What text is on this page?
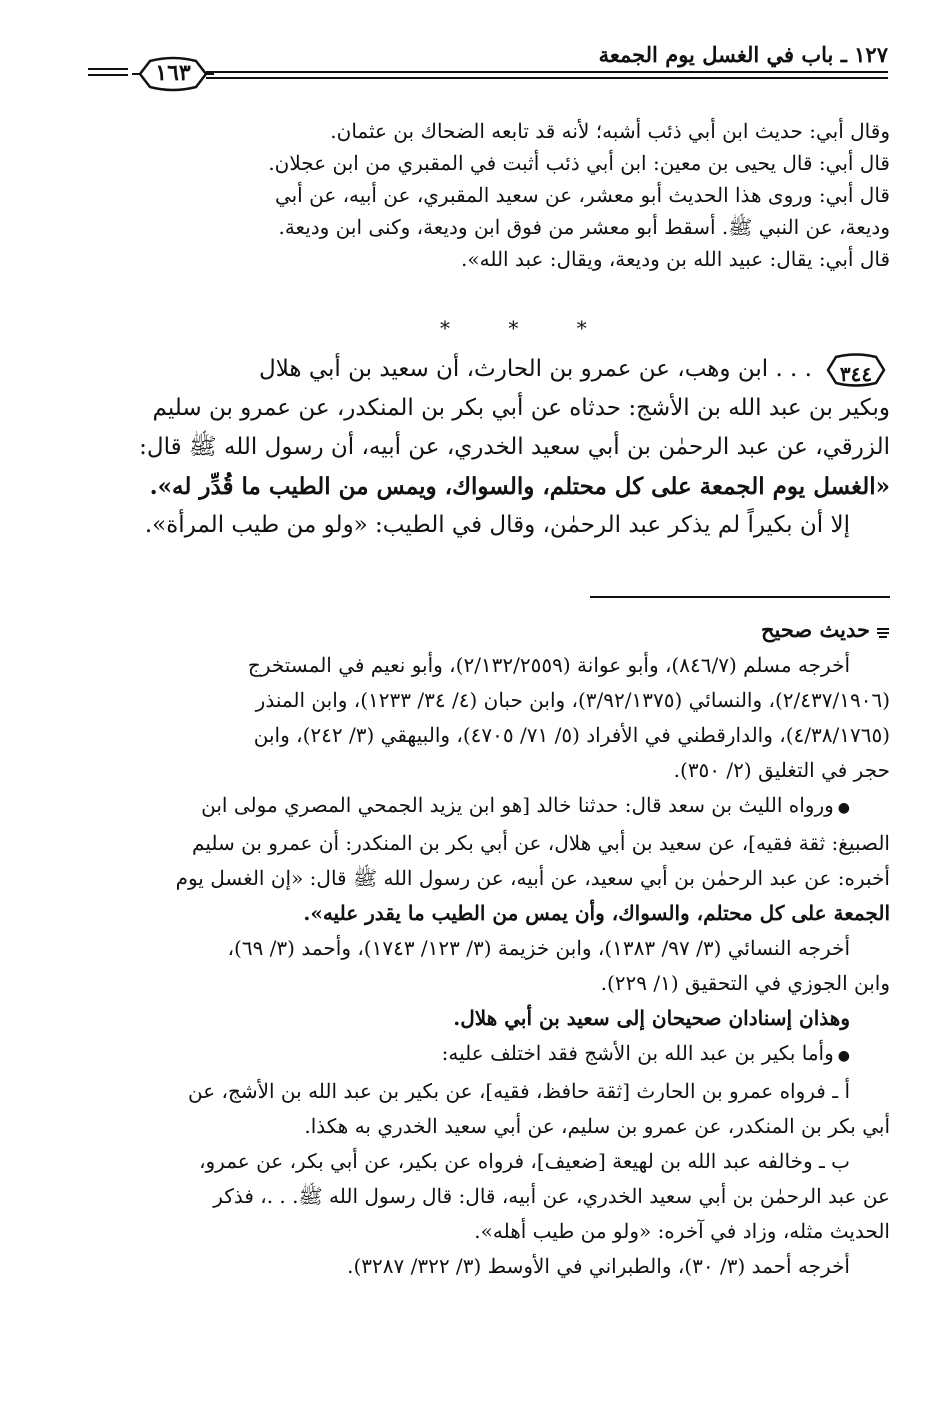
١٢٧ ـ باب في الغسل يوم الجمعة
١٦٣
وقال أبي: حديث ابن أبي ذئب أشبه؛ لأنه قد تابعه الضحاك بن عثمان.
قال أبي: قال يحيى بن معين: ابن أبي ذئب أثبت في المقبري من ابن عجلان.
قال أبي: وروى هذا الحديث أبو معشر، عن سعيد المقبري، عن أبيه، عن أبي
وديعة، عن النبي ﷺ. أسقط أبو معشر من فوق ابن وديعة، وكنى ابن وديعة.
قال أبي: يقال: عبيد الله بن وديعة، ويقال: عبد الله».
* * *
٣٤٤
. . . ابن وهب، عن عمرو بن الحارث، أن سعيد بن أبي هلال
وبكير بن عبد الله بن الأشج: حدثاه عن أبي بكر بن المنكدر، عن عمرو بن سليم
الزرقي، عن عبد الرحمٰن بن أبي سعيد الخدري، عن أبيه، أن رسول الله ﷺ قال:
«الغسل يوم الجمعة على كل محتلم، والسواك، ويمس من الطيب ما قُدِّر له».
إلا أن بكيراً لم يذكر عبد الرحمٰن، وقال في الطيب: «ولو من طيب المرأة».
حديث صحيح
أخرجه مسلم (٨٤٦/٧)، وأبو عوانة (٢/١٣٢/٢٥٥٩)، وأبو نعيم في المستخرج
(٢/٤٣٧/١٩٠٦)، والنسائي (٣/٩٢/١٣٧٥)، وابن حبان (٤/ ٣٤/ ١٢٣٣)، وابن المنذر
(٤/٣٨/١٧٦٥)، والدارقطني في الأفراد (٥/ ٧١/ ٤٧٠٥)، والبيهقي (٣/ ٢٤٢)، وابن
حجر في التغليق (٢/ ٣٥٠).
●ورواه الليث بن سعد قال: حدثنا خالد [هو ابن يزيد الجمحي المصري مولى ابن
الصبيغ: ثقة فقيه]، عن سعيد بن أبي هلال، عن أبي بكر بن المنكدر: أن عمرو بن سليم
أخبره: عن عبد الرحمٰن بن أبي سعيد، عن أبيه، عن رسول الله ﷺ قال: «إن الغسل يوم
الجمعة على كل محتلم، والسواك، وأن يمس من الطيب ما يقدر عليه».
أخرجه النسائي (٣/ ٩٧/ ١٣٨٣)، وابن خزيمة (٣/ ١٢٣/ ١٧٤٣)، وأحمد (٣/ ٦٩)،
وابن الجوزي في التحقيق (١/ ٢٢٩).
وهذان إسنادان صحيحان إلى سعيد بن أبي هلال.
●وأما بكير بن عبد الله بن الأشج فقد اختلف عليه:
أ ـ فرواه عمرو بن الحارث [ثقة حافظ، فقيه]، عن بكير بن عبد الله بن الأشج، عن
أبي بكر بن المنكدر، عن عمرو بن سليم، عن أبي سعيد الخدري به هكذا.
ب ـ وخالفه عبد الله بن لهيعة [ضعيف]، فرواه عن بكير، عن أبي بكر، عن عمرو،
عن عبد الرحمٰن بن أبي سعيد الخدري، عن أبيه، قال: قال رسول الله ﷺ. . .، فذكر
الحديث مثله، وزاد في آخره: «ولو من طيب أهله».
أخرجه أحمد (٣/ ٣٠)، والطبراني في الأوسط (٣/ ٣٢٢/ ٣٢٨٧).
